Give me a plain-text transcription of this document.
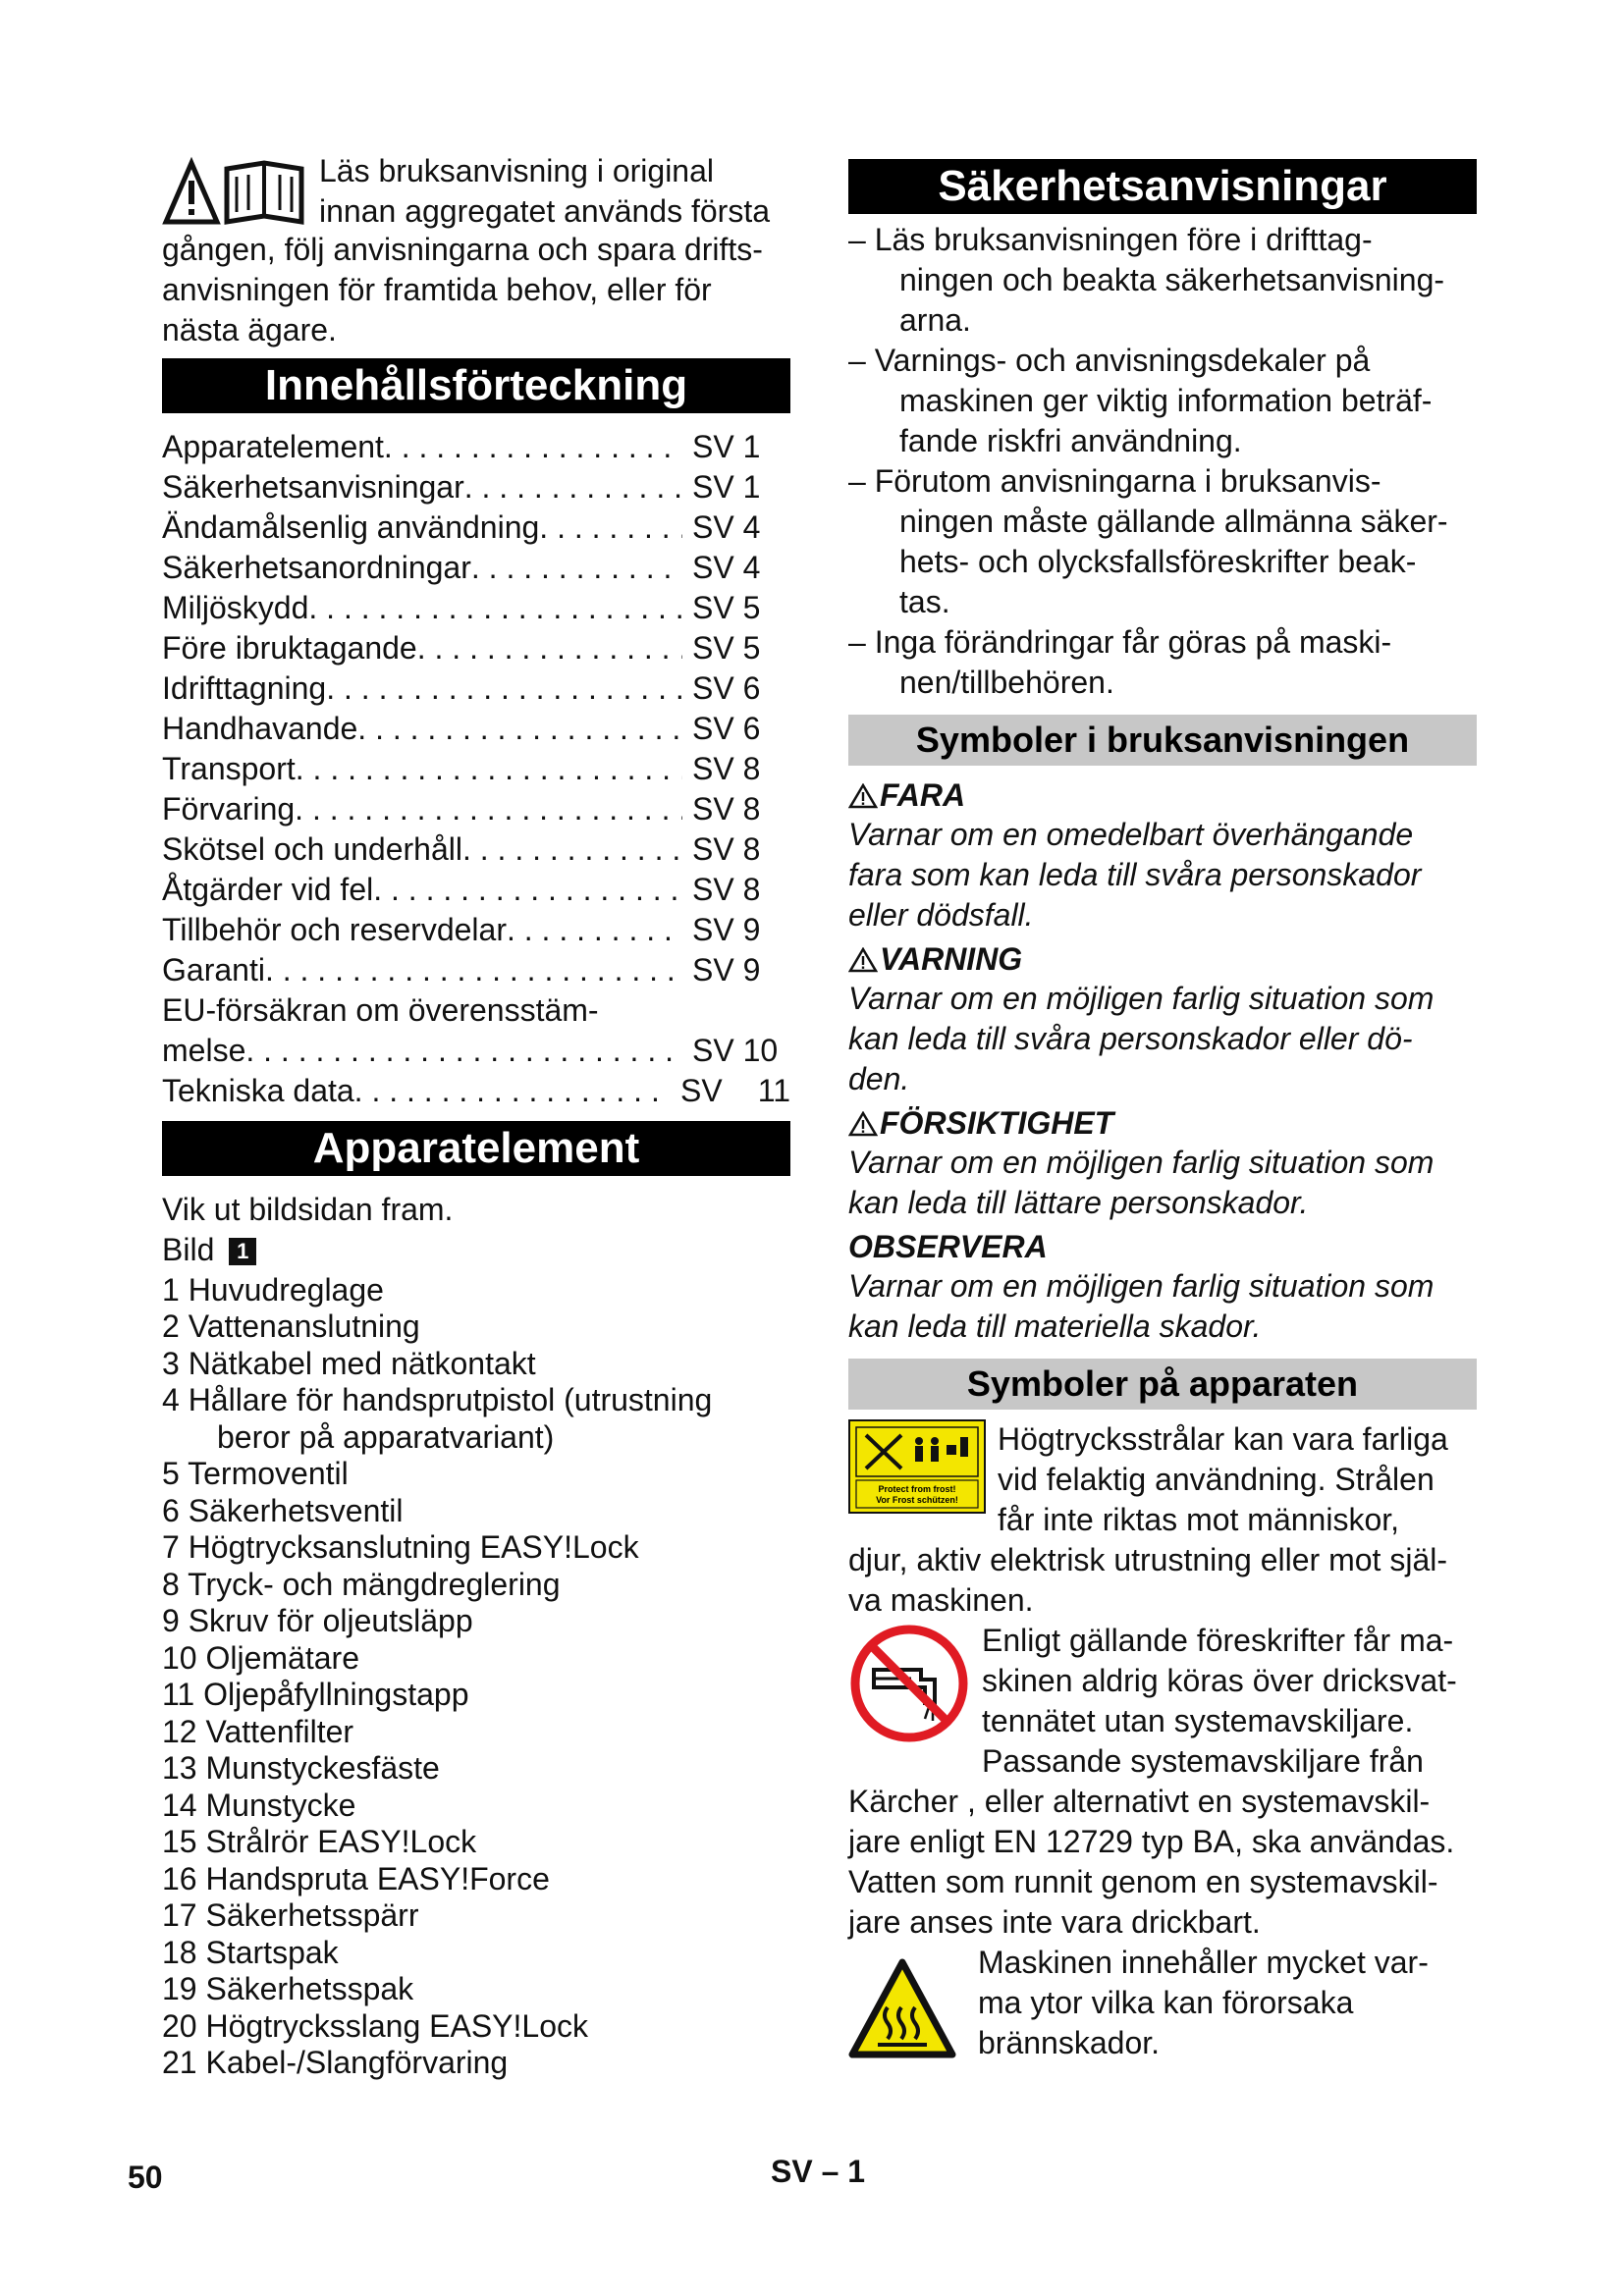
Läs bruksanvisning i original
innan aggregatet används första

gången, följ anvisningarna och spara drifts-
anvisningen för framtida behov, eller för
nästa ägare.

Innehållsförteckning
Apparatelement . . .	SV 1
Säkerhetsanvisningar . . .	SV 1
Ändamålsenlig användning . . .	SV 4
Säkerhetsanordningar . . .	SV 4
Miljöskydd . . .	SV 5
Före ibruktagande . . .	SV 5
Idrifttagning . . .	SV 6
Handhavande . . .	SV 6
Transport . . .	SV 8
Förvaring . . .	SV 8
Skötsel och underhåll . . .	SV 8
Åtgärder vid fel . . .	SV 8
Tillbehör och reservdelar . . .	SV 9
Garanti . . .	SV 9
EU-försäkran om överensstäm-
melse . . .	SV 10
Tekniska data . . .	SV	11
Apparatelement
Vik ut bildsidan fram.
Bild 1
1 Huvudreglage
2 Vattenanslutning
3 Nätkabel med nätkontakt
4 Hållare för handsprutpistol (utrustning
beror på apparatvariant)
5 Termoventil
6 Säkerhetsventil
7 Högtrycksanslutning EASY!Lock
8 Tryck- och mängdreglering
9 Skruv för oljeutsläpp
10 Oljemätare
11 Oljepåfyllningstapp
12 Vattenfilter
13 Munstyckesfäste
14 Munstycke
15 Strålrör EASY!Lock
16 Handspruta EASY!Force
17 Säkerhetsspärr
18 Startspak
19 Säkerhetsspak
20 Högtrycksslang EASY!Lock
21 Kabel-/Slangförvaring
Säkerhetsanvisningar
– Läs bruksanvisningen före i drifttag-
ningen och beakta säkerhetsanvisning-
arna.
– Varnings- och anvisningsdekaler på
maskinen ger viktig information beträf-
fande riskfri användning.
– Förutom anvisningarna i bruksanvis-
ningen måste gällande allmänna säker-
hets- och olycksfallsföreskrifter beak-
tas.
– Inga förändringar får göras på maski-
nen/tillbehören.
Symboler i bruksanvisningen
FARA
Varnar om en omedelbart överhängande
fara som kan leda till svåra personskador
eller dödsfall.
VARNING
Varnar om en möjligen farlig situation som
kan leda till svåra personskador eller dö-
den.
FÖRSIKTIGHET
Varnar om en möjligen farlig situation som
kan leda till lättare personskador.
OBSERVERA
Varnar om en möjligen farlig situation som
kan leda till materiella skador.
Symboler på apparaten
Protect from frost!
Vor Frost schützen!
Högtrycksstrålar kan vara farliga
vid felaktig användning. Strålen
får inte riktas mot människor,
djur, aktiv elektrisk utrustning eller mot själ-
va maskinen.
Enligt gällande föreskrifter får ma-
skinen aldrig köras över dricksvat-
tennätet utan systemavskiljare.
Passande systemavskiljare från
Kärcher , eller alternativt en systemavskil-
jare enligt EN 12729 typ BA, ska användas.
Vatten som runnit genom en systemavskil-
jare anses inte vara drickbart.
Maskinen innehåller mycket var-
ma ytor vilka kan förorsaka
brännskador.
50	SV – 1
